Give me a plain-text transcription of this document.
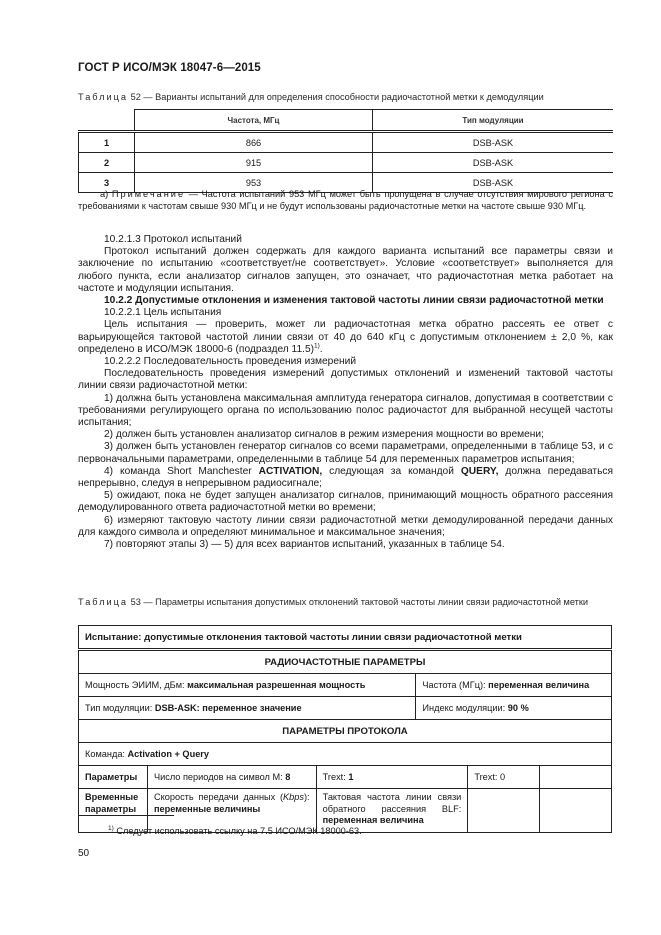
ГОСТ Р ИСО/МЭК 18047-6—2015
Таблица 52 — Варианты испытаний для определения способности радиочастотной метки к демодуляции
	Частота, МГц	Тип модуляции
1	866	DSB-ASK
2	915	DSB-ASK
3	953	DSB-ASK
а) Примечание — Частота испытаний 953 МГц может быть пропущена в случае отсутствия мирового региона с требованиями к частотам свыше 930 МГц и не будут использованы радиочастотные метки на частоте свыше 930 МГц.

10.2.1.3 Протокол испытаний

Протокол испытаний должен содержать для каждого варианта испытаний все параметры связи и заключение по испытанию «соответствует/не соответствует». Условие «соответствует» выполняется для любого пункта, если анализатор сигналов запущен, это означает, что радиочастотная метка работает на частоте и модуляции испытания.

10.2.2 Допустимые отклонения и изменения тактовой частоты линии связи радиочастотной метки

10.2.2.1 Цель испытания

Цель испытания — проверить, может ли радиочастотная метка обратно рассеять ее ответ с варьирующейся тактовой частотой линии связи от 40 до 640 кГц с допустимым отклонением ± 2,0 %, как определено в ИСО/МЭК 18000-6 (подраздел 11.5)$^{1)}$.

10.2.2.2 Последовательность проведения измерений

Последовательность проведения измерений допустимых отклонений и изменений тактовой частоты линии связи радиочастотной метки:

1) должна быть установлена максимальная амплитуда генератора сигналов, допустимая в соответствии с требованиями регулирующего органа по использованию полос радиочастот для выбранной несущей частоты испытания;

2) должен быть установлен анализатор сигналов в режим измерения мощности во времени;

3) должен быть установлен генератор сигналов со всеми параметрами, определенными в таблице 53, и с первоначальными параметрами, определенными в таблице 54 для переменных параметров испытания;

4) команда Short Manchester ACTIVATION, следующая за командой QUERY, должна передаваться непрерывно, следуя в непрерывном радиосигнале;

5) ожидают, пока не будет запущен анализатор сигналов, принимающий мощность обратного рассеяния демодулированного ответа радиочастотной метки во времени;

6) измеряют тактовую частоту линии связи радиочастотной метки демодулированной передачи данных для каждого символа и определяют минимальное и максимальное значения;

7) повторяют этапы 3) — 5) для всех вариантов испытаний, указанных в таблице 54.

Таблица 53 — Параметры испытания допустимых отклонений тактовой частоты линии связи радиочастотной метки
Испытание: допустимые отклонения тактовой частоты линии связи радиочастотной метки					
РАДИОЧАСТОТНЫЕ ПАРАМЕТРЫ					
Мощность ЭИИМ, дБм: максимальная разрешенная мощность			Частота (МГц): переменная величина		
Тип модуляции: DSB-ASK: переменное значение			Индекс модуляции: 90 %		
ПАРАМЕТРЫ ПРОТОКОЛА					
Команда: Activation + Query					
Параметры	Число периодов на символ М: 8	Trext: 1		Trext: 0	
Временные параметры	Скорость передачи данных (Kbps): переменные величины	Тактовая частота линии связи обратного рассеяния BLF: переменная величина			
$^{1)}$ Следует использовать ссылку на 7.5 ИСО/МЭК 18000-63.
50
